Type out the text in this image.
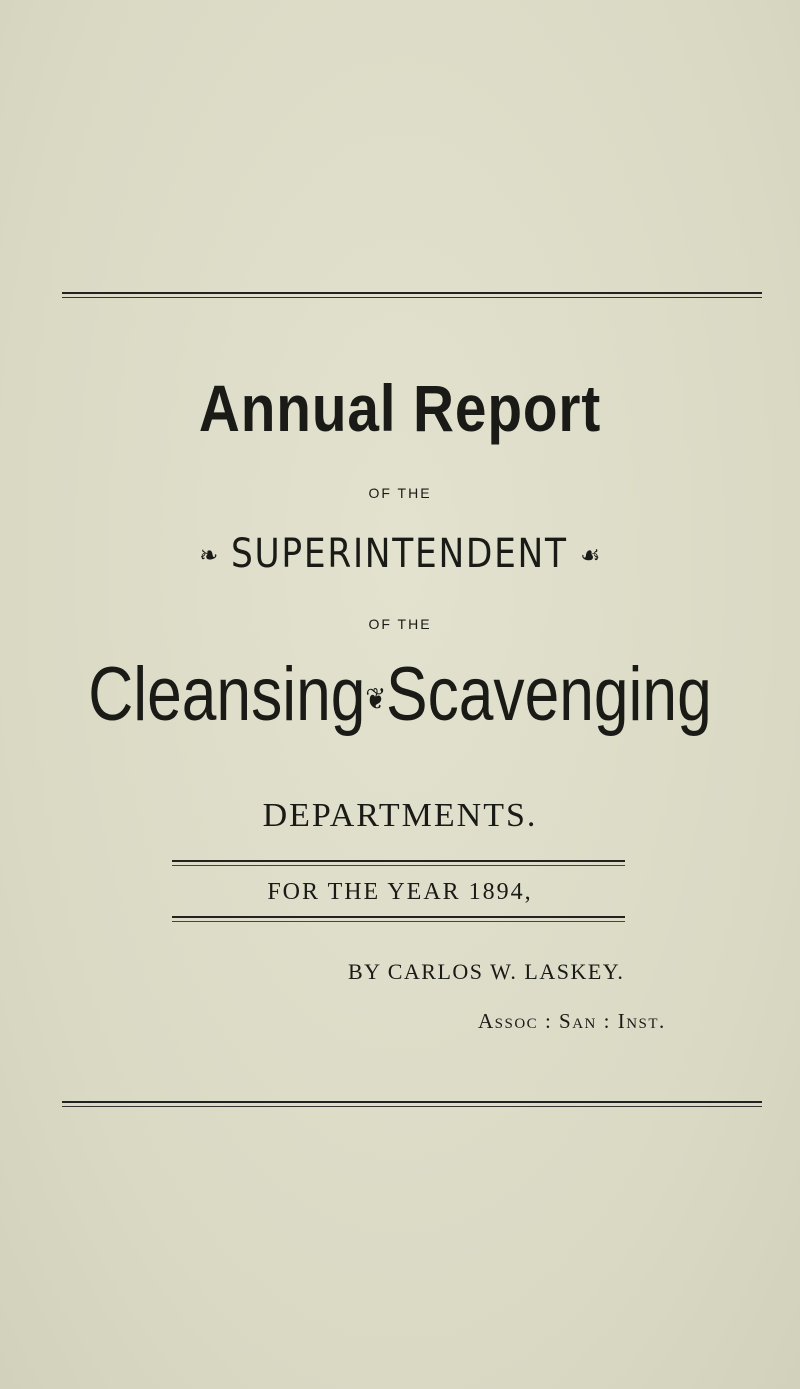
Annual Report
OF THE
❧ SUPERINTENDENT ☙
OF THE
Cleansing❦Scavenging
DEPARTMENTS.
FOR THE YEAR 1894,
BY CARLOS W. LASKEY.
Assoc : San : Inst.
